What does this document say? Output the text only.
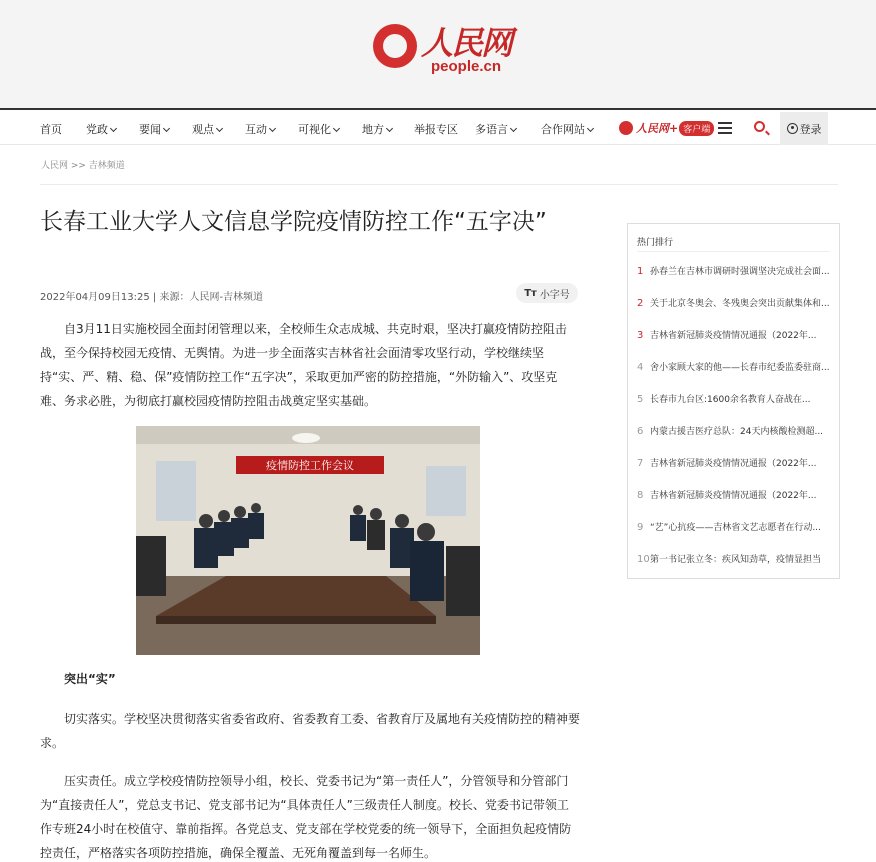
人民网
people.cn
首页 党政	要闻	观点	互动	可视化	地方	举报专区 多语言	合作网站	人民网+ 客户端	登录
人民网 >> 吉林频道
长春工业大学人文信息学院疫情防控工作“五字决”
2022年04月09日13:25 | 来源：人民网-吉林频道	Tт 小字号

自3月11日实施校园全面封闭管理以来，全校师生众志成城、共克时艰，坚决打赢疫情防控阻击战，至今保持校园无疫情、无舆情。为进一步全面落实吉林省社会面清零攻坚行动，学校继续坚持“实、严、精、稳、保”疫情防控工作“五字决”，采取更加严密的防控措施，“外防输入”、攻坚克难、务求必胜，为彻底打赢校园疫情防控阻击战奠定坚实基础。

疫情防控工作会议
突出“实”

切实落实。学校坚决贯彻落实省委省政府、省委教育工委、省教育厅及属地有关疫情防控的精神要求。

压实责任。成立学校疫情防控领导小组，校长、党委书记为“第一责任人”，分管领导和分管部门为“直接责任人”，党总支书记、党支部书记为“具体责任人”三级责任人制度。校长、党委书记带领工作专班24小时在校值守、靠前指挥。各党总支、党支部在学校党委的统一领导下，全面担负起疫情防控责任，严格落实各项防控措施，确保全覆盖、无死角覆盖到每一名师生。

热门排行
1 孙春兰在吉林市调研时强调坚决完成社会面...
2 关于北京冬奥会、冬残奥会突出贡献集体和...
3 吉林省新冠肺炎疫情情况通报（2022年...
4 舍小家顾大家的他——长春市纪委监委驻商...
5 长春市九台区:1600余名教育人奋战在...
6 内蒙古援吉医疗总队：24天内核酸检测超...
7 吉林省新冠肺炎疫情情况通报（2022年...
8 吉林省新冠肺炎疫情情况通报（2022年...
9 “艺”心抗疫——吉林省文艺志愿者在行动...
10第一书记张立冬：疾风知劲草，疫情显担当
